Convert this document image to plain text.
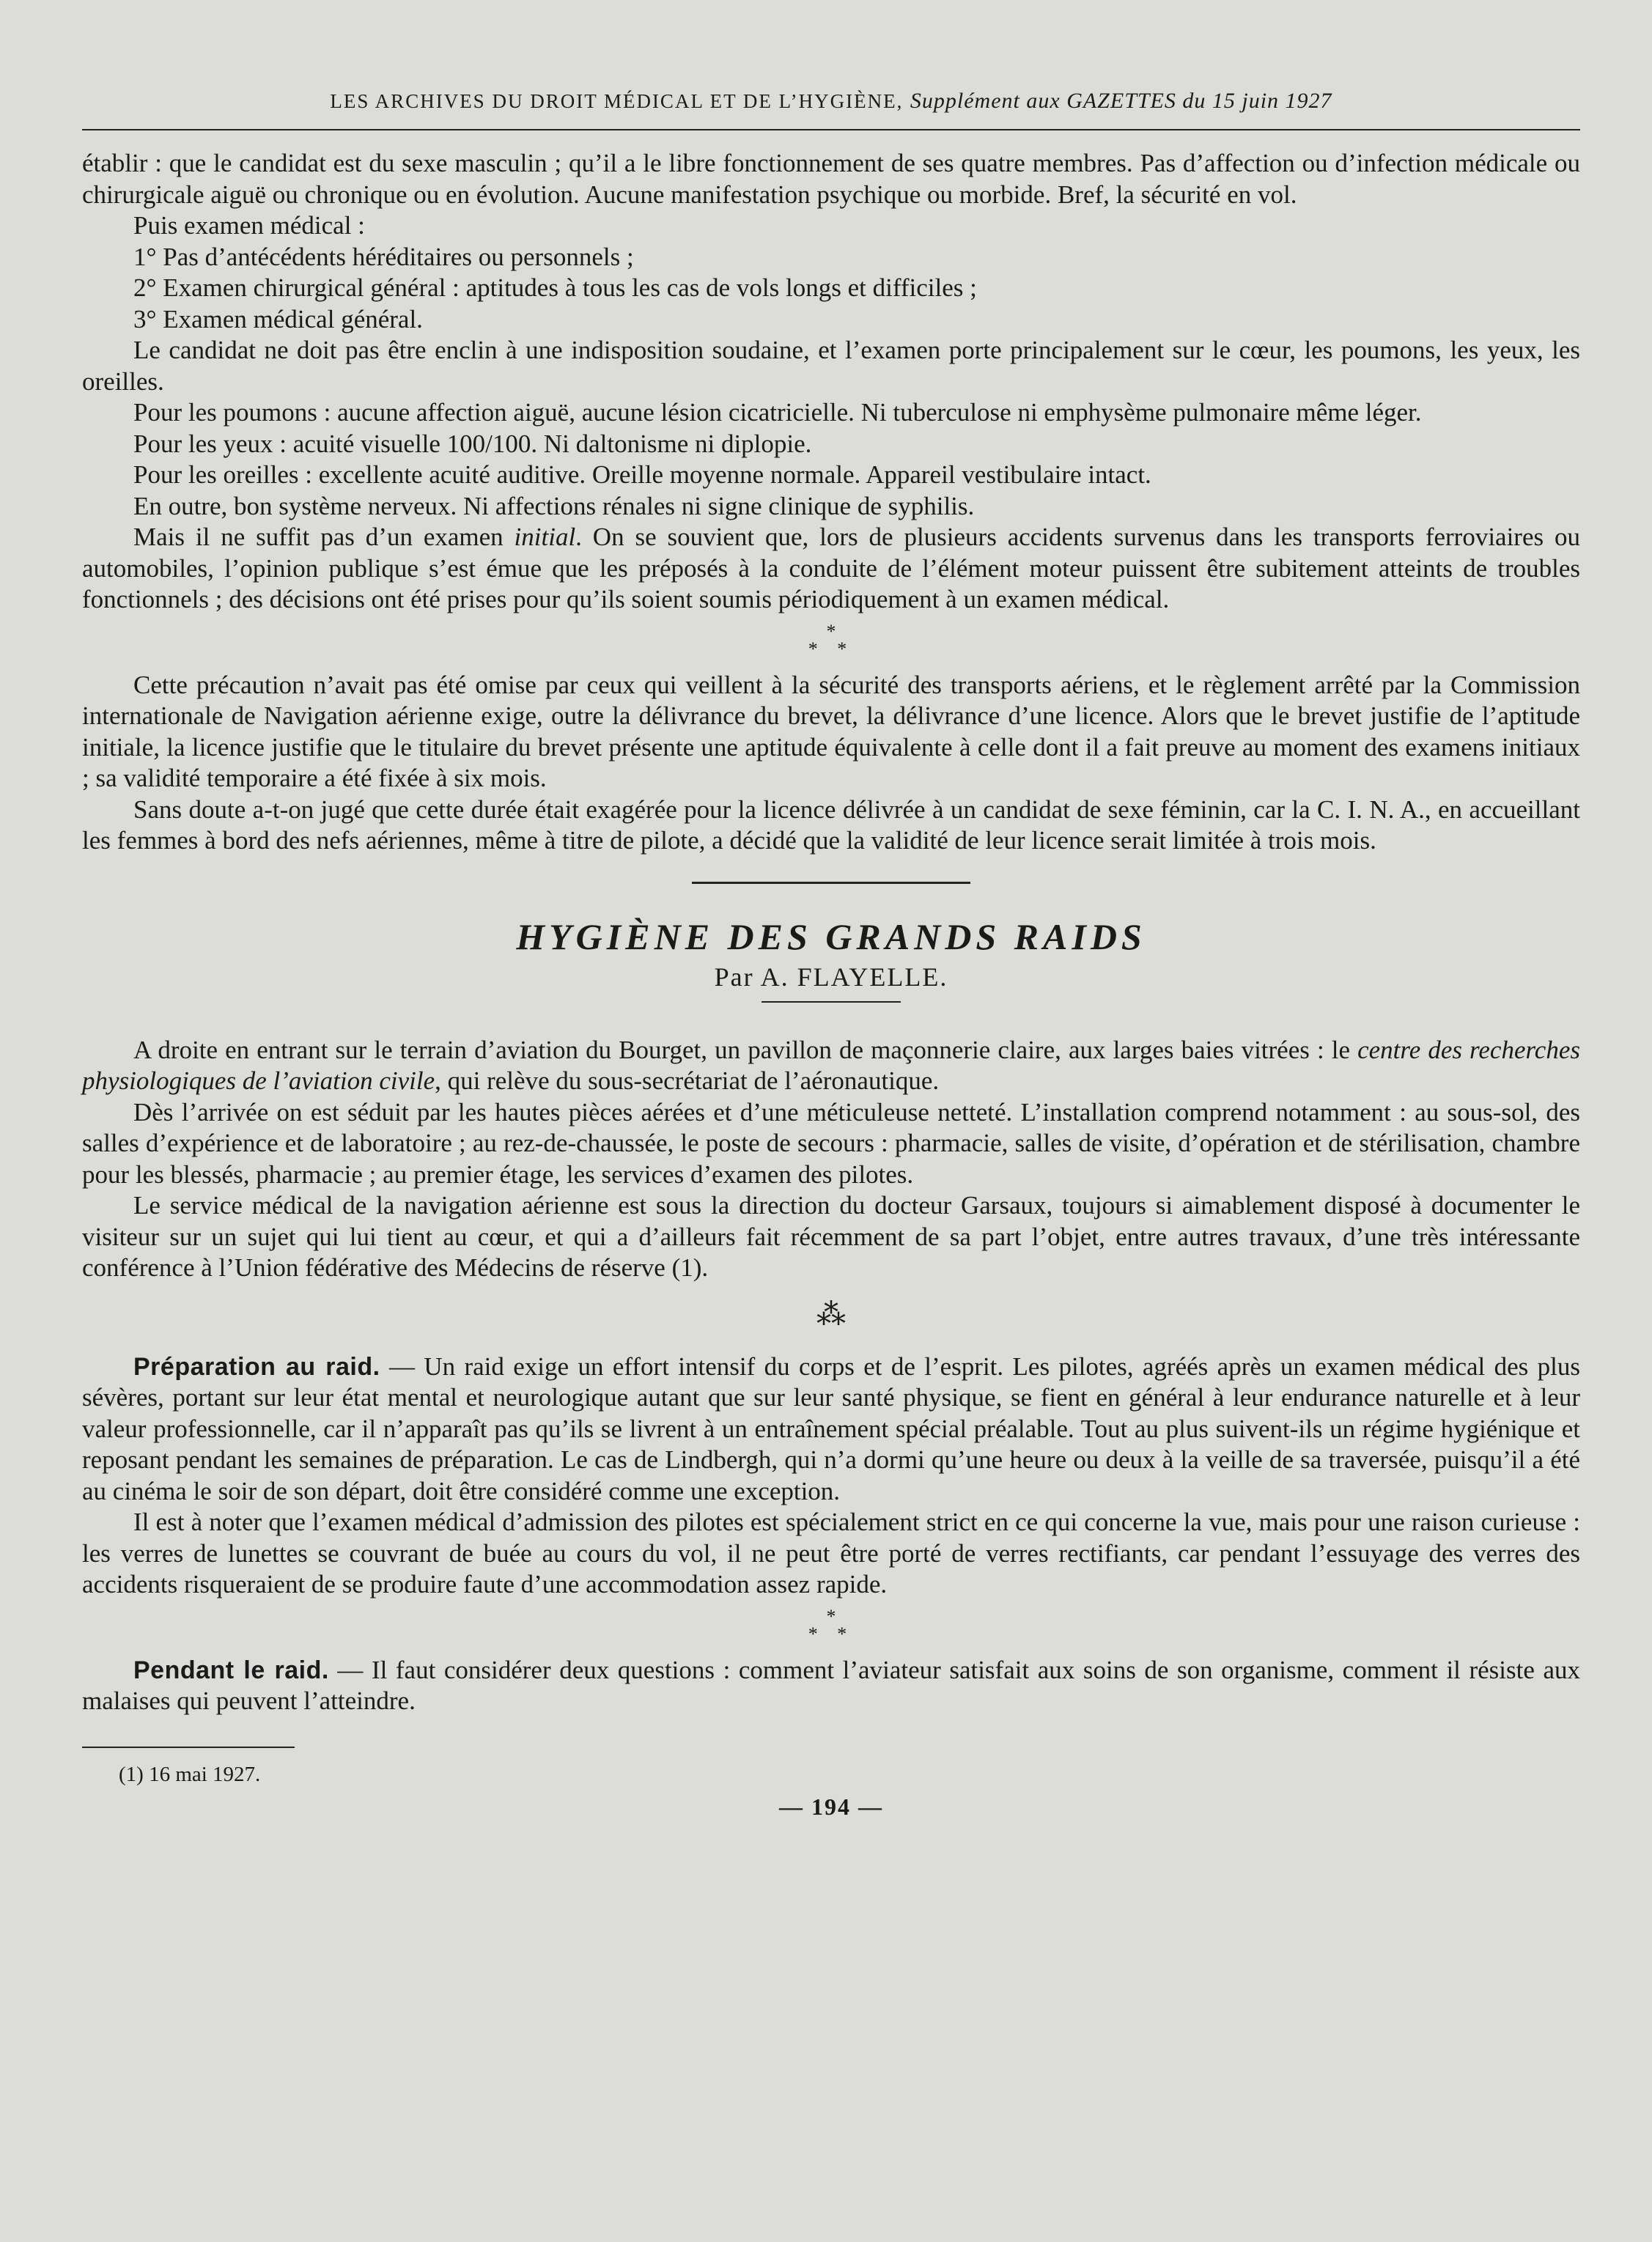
LES ARCHIVES DU DROIT MÉDICAL ET DE L’HYGIÈNE, Supplément aux GAZETTES du 15 juin 1927

établir : que le candidat est du sexe masculin ; qu’il a le libre fonctionnement de ses quatre membres. Pas d’affection ou d’infection médicale ou chirurgicale aiguë ou chronique ou en évolution. Aucune manifestation psychique ou morbide. Bref, la sécurité en vol.

Puis examen médical :

1° Pas d’antécédents héréditaires ou personnels ;

2° Examen chirurgical général : aptitudes à tous les cas de vols longs et difficiles ;

3° Examen médical général.

Le candidat ne doit pas être enclin à une indisposition soudaine, et l’examen porte principalement sur le cœur, les poumons, les yeux, les oreilles.

Pour les poumons : aucune affection aiguë, aucune lésion cicatricielle. Ni tuberculose ni emphysème pulmonaire même léger.

Pour les yeux : acuité visuelle 100/100. Ni daltonisme ni diplopie.

Pour les oreilles : excellente acuité auditive. Oreille moyenne normale. Appareil vestibulaire intact.

En outre, bon système nerveux. Ni affections rénales ni signe clinique de syphilis.

Mais il ne suffit pas d’un examen initial. On se souvient que, lors de plusieurs accidents survenus dans les transports ferroviaires ou automobiles, l’opinion publique s’est émue que les préposés à la conduite de l’élément moteur puissent être subitement atteints de troubles fonctionnels ; des décisions ont été prises pour qu’ils soient soumis périodiquement à un examen médical.

*
* *

Cette précaution n’avait pas été omise par ceux qui veillent à la sécurité des transports aériens, et le règlement arrêté par la Commission internationale de Navigation aérienne exige, outre la délivrance du brevet, la délivrance d’une licence. Alors que le brevet justifie de l’aptitude initiale, la licence justifie que le titulaire du brevet présente une aptitude équivalente à celle dont il a fait preuve au moment des examens initiaux ; sa validité temporaire a été fixée à six mois.

Sans doute a-t-on jugé que cette durée était exagérée pour la licence délivrée à un candidat de sexe féminin, car la C. I. N. A., en accueillant les femmes à bord des nefs aériennes, même à titre de pilote, a décidé que la validité de leur licence serait limitée à trois mois.

HYGIÈNE DES GRANDS RAIDS
Par A. FLAYELLE.

A droite en entrant sur le terrain d’aviation du Bourget, un pavillon de maçonnerie claire, aux larges baies vitrées : le centre des recherches physiologiques de l’aviation civile, qui relève du sous-secrétariat de l’aéronautique.

Dès l’arrivée on est séduit par les hautes pièces aérées et d’une méticuleuse netteté. L’installation comprend notamment : au sous-sol, des salles d’expérience et de laboratoire ; au rez-de-chaussée, le poste de secours : pharmacie, salles de visite, d’opération et de stérilisation, chambre pour les blessés, pharmacie ; au premier étage, les services d’examen des pilotes.

Le service médical de la navigation aérienne est sous la direction du docteur Garsaux, toujours si aimablement disposé à documenter le visiteur sur un sujet qui lui tient au cœur, et qui a d’ailleurs fait récemment de sa part l’objet, entre autres travaux, d’une très intéressante conférence à l’Union fédérative des Médecins de réserve (1).

⁂

Préparation au raid. — Un raid exige un effort intensif du corps et de l’esprit. Les pilotes, agréés après un examen médical des plus sévères, portant sur leur état mental et neurologique autant que sur leur santé physique, se fient en général à leur endurance naturelle et à leur valeur professionnelle, car il n’apparaît pas qu’ils se livrent à un entraînement spécial préalable. Tout au plus suivent-ils un régime hygiénique et reposant pendant les semaines de préparation. Le cas de Lindbergh, qui n’a dormi qu’une heure ou deux à la veille de sa traversée, puisqu’il a été au cinéma le soir de son départ, doit être considéré comme une exception.

Il est à noter que l’examen médical d’admission des pilotes est spécialement strict en ce qui concerne la vue, mais pour une raison curieuse : les verres de lunettes se couvrant de buée au cours du vol, il ne peut être porté de verres rectifiants, car pendant l’essuyage des verres des accidents risqueraient de se produire faute d’une accommodation assez rapide.

*
* *

Pendant le raid. — Il faut considérer deux questions : comment l’aviateur satisfait aux soins de son organisme, comment il résiste aux malaises qui peuvent l’atteindre.

(1) 16 mai 1927.
— 194 —
